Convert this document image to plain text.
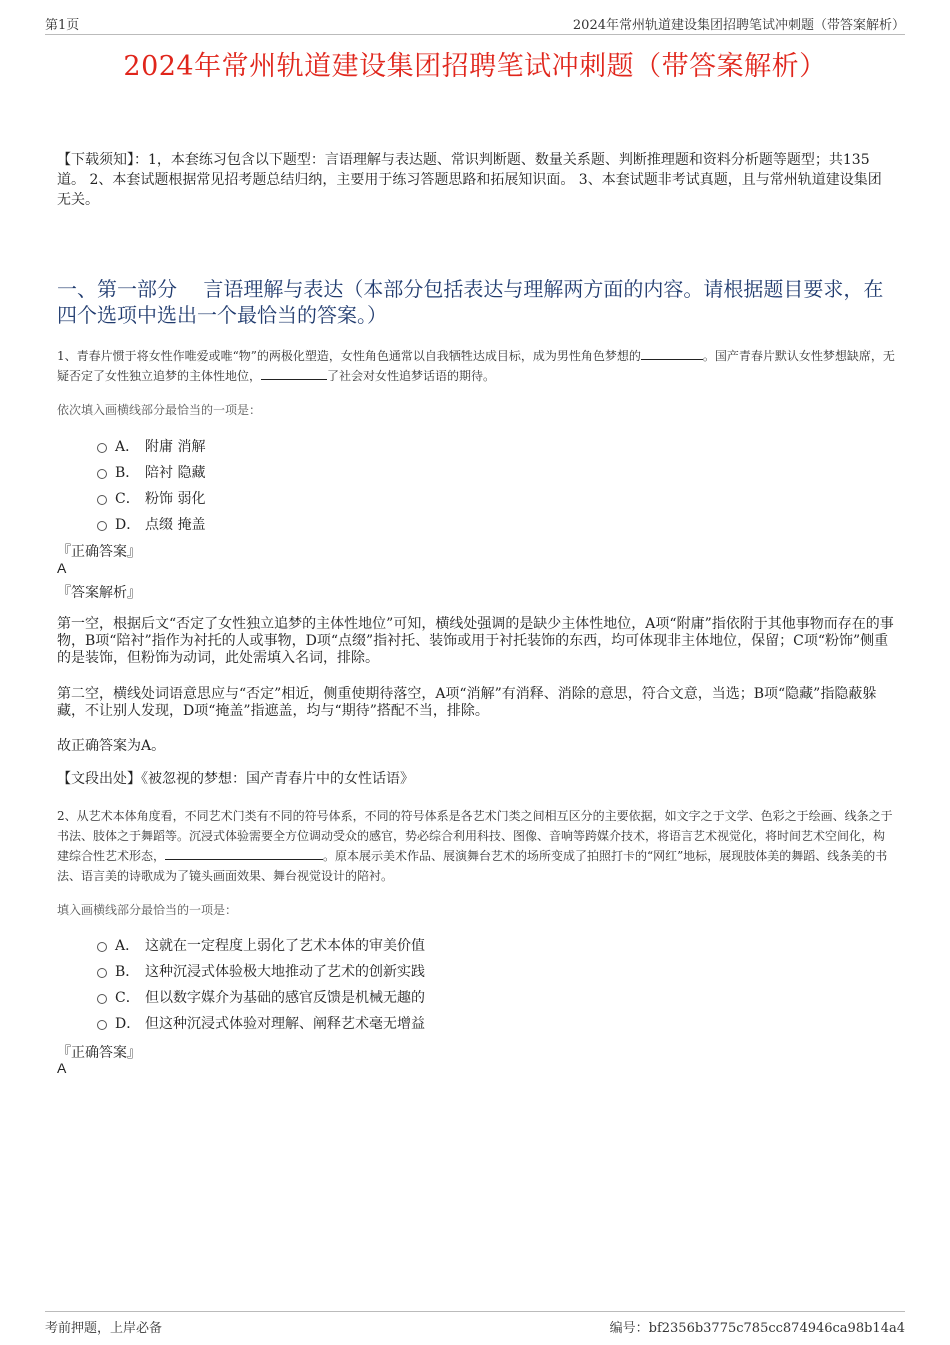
第1页	2024年常州轨道建设集团招聘笔试冲刺题（带答案解析）
2024年常州轨道建设集团招聘笔试冲刺题（带答案解析）
【下载须知】：1，本套练习包含以下题型：言语理解与表达题、常识判断题、数量关系题、判断推理题和资料分析题等题型；共135道。 2、本套试题根据常见招考题总结归纳，主要用于练习答题思路和拓展知识面。 3、本套试题非考试真题，且与常州轨道建设集团无关。
一、第一部分　 言语理解与表达（本部分包括表达与理解两方面的内容。请根据题目要求，在四个选项中选出一个最恰当的答案。）
1、青春片惯于将女性作唯爱或唯“物”的两极化塑造，女性角色通常以自我牺牲达成目标，成为男性角色梦想的	。国产青春片默认女性梦想缺席，无疑否定了女性独立追梦的主体性地位，	了社会对女性追梦话语的期待。
依次填入画横线部分最恰当的一项是：
A． 附庸 消解
B． 陪衬 隐藏
C． 粉饰 弱化
D． 点缀 掩盖
『正确答案』
A
『答案解析』
第一空，根据后文“否定了女性独立追梦的主体性地位”可知，横线处强调的是缺少主体性地位，A项“附庸”指依附于其他事物而存在的事物，B项“陪衬”指作为衬托的人或事物，D项“点缀”指衬托、装饰或用于衬托装饰的东西，均可体现非主体地位，保留；C项“粉饰”侧重的是装饰，但粉饰为动词，此处需填入名词，排除。
第二空，横线处词语意思应与“否定”相近，侧重使期待落空，A项“消解”有消释、消除的意思，符合文意，当选；B项“隐藏”指隐蔽躲藏，不让别人发现，D项“掩盖”指遮盖，均与“期待”搭配不当，排除。
故正确答案为A。
【文段出处】《被忽视的梦想：国产青春片中的女性话语》
2、从艺术本体角度看，不同艺术门类有不同的符号体系，不同的符号体系是各艺术门类之间相互区分的主要依据，如文字之于文学、色彩之于绘画、线条之于书法、肢体之于舞蹈等。沉浸式体验需要全方位调动受众的感官，势必综合利用科技、图像、音响等跨媒介技术，将语言艺术视觉化，将时间艺术空间化，构建综合性艺术形态，	。原本展示美术作品、展演舞台艺术的场所变成了拍照打卡的“网红”地标，展现肢体美的舞蹈、线条美的书法、语言美的诗歌成为了镜头画面效果、舞台视觉设计的陪衬。
填入画横线部分最恰当的一项是：
A． 这就在一定程度上弱化了艺术本体的审美价值
B． 这种沉浸式体验极大地推动了艺术的创新实践
C． 但以数字媒介为基础的感官反馈是机械无趣的
D． 但这种沉浸式体验对理解、阐释艺术毫无增益
『正确答案』
A
考前押题，上岸必备	编号：bf2356b3775c785cc874946ca98b14a4
